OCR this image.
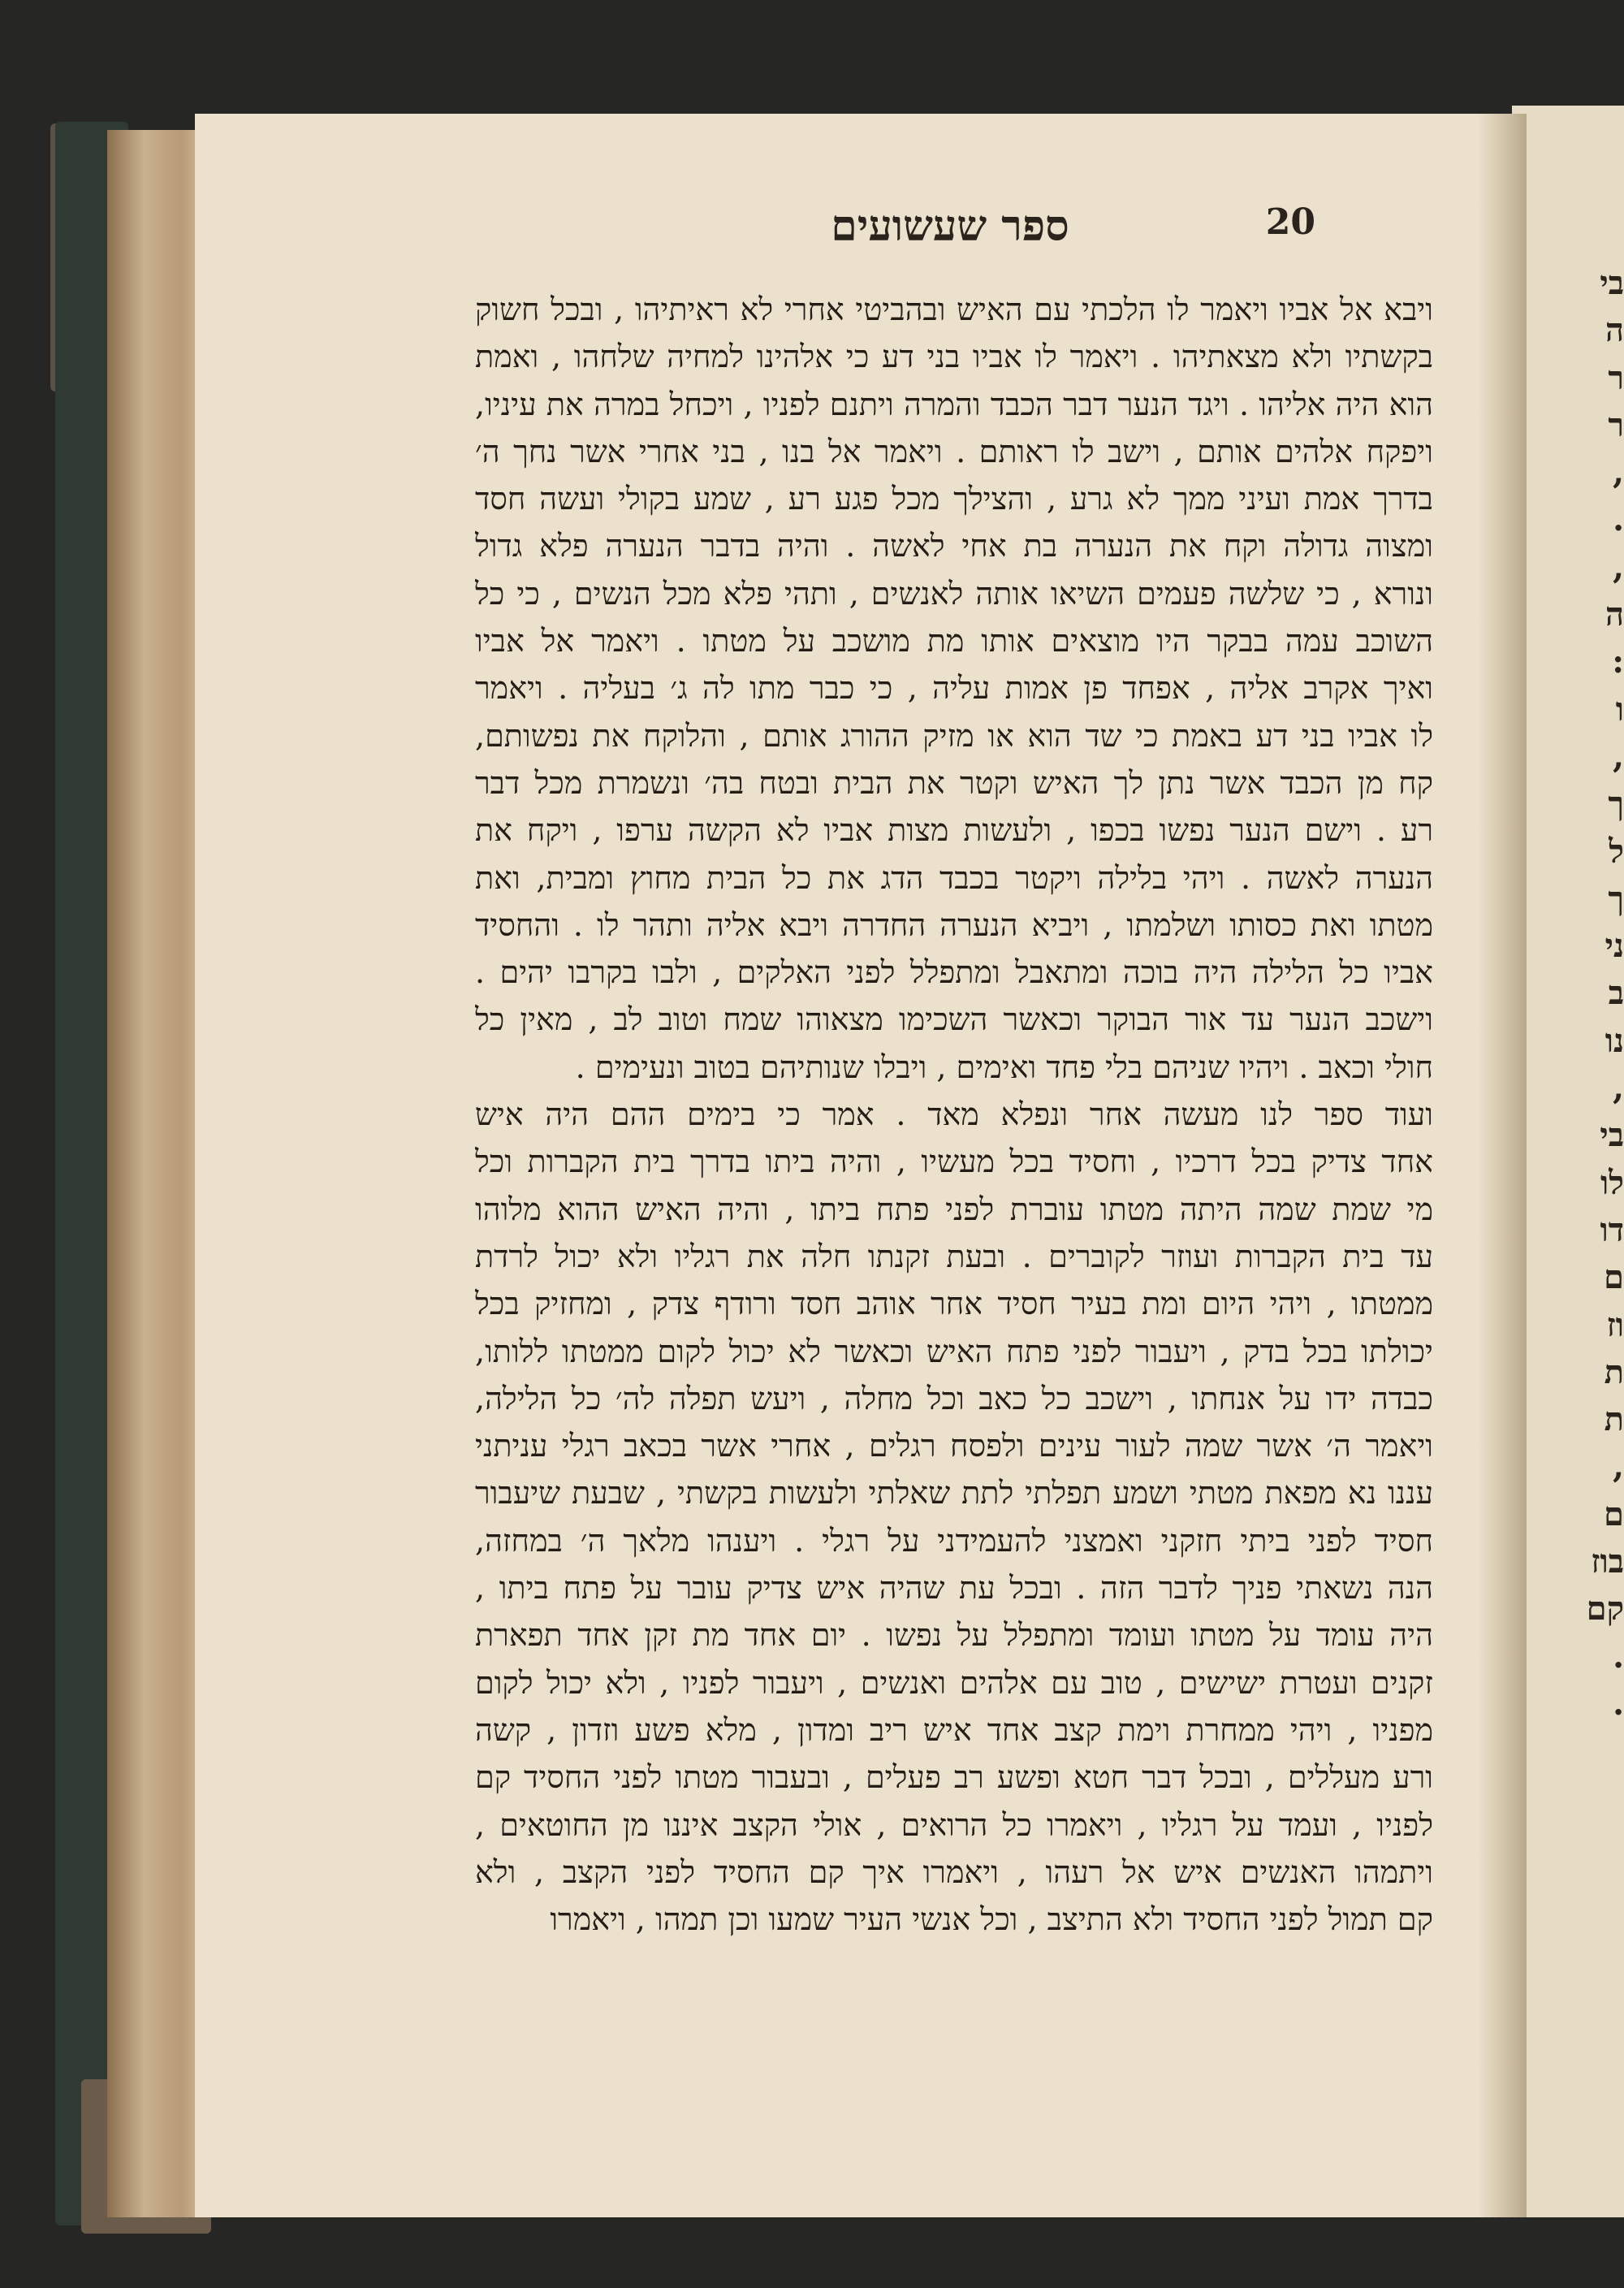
בי
ה
ר
ר
,
.
,
ה
:
ו
,
ך
ל
ך
ני
ב
נו
,
בי
לו
דו
ם
וז
ת
ת
,
ם
בוז
קם
.
.
ספר שעשועים	20
ויבא אל אביו ויאמר לו הלכתי עם האיש ובהביטי אחרי לא ראיתיהו , ובכל חשוק
בקשתיו ולא מצאתיהו . ויאמר לו אביו בני דע כי אלהינו למחיה שלחהו , ואמת
הוא היה אליהו . ויגד הנער דבר הכבד והמרה ויתנם לפניו , ויכחל במרה את עיניו,
ויפקח אלהים אותם , וישב לו ראותם . ויאמר אל בנו , בני אחרי אשר נחך ה׳
בדרך אמת ועיני ממך לא גרע , והצילך מכל פגע רע , שמע בקולי ועשה חסד
ומצוה גדולה וקח את הנערה בת אחי לאשה . והיה בדבר הנערה פלא גדול
ונורא , כי שלשה פעמים השיאו אותה לאנשים , ותהי פלא מכל הנשים , כי כל
השוכב עמה בבקר היו מוצאים אותו מת מושכב על מטתו . ויאמר אל אביו
ואיך אקרב אליה , אפחד פן אמות עליה , כי כבר מתו לה ג׳ בעליה . ויאמר
לו אביו בני דע באמת כי שד הוא או מזיק ההורג אותם , והלוקח את נפשותם,
קח מן הכבד אשר נתן לך האיש וקטר את הבית ובטח בה׳ ונשמרת מכל דבר
רע . וישם הנער נפשו בכפו , ולעשות מצות אביו לא הקשה ערפו , ויקח את
הנערה לאשה . ויהי בלילה ויקטר בכבד הדג את כל הבית מחוץ ומבית, ואת
מטתו ואת כסותו ושלמתו , ויביא הנערה החדרה ויבא אליה ותהר לו . והחסיד
אביו כל הלילה היה בוכה ומתאבל ומתפלל לפני האלקים , ולבו בקרבו יהים .
וישכב הנער עד אור הבוקר וכאשר השכימו מצאוהו שמח וטוב לב , מאין כל
חולי וכאב . ויהיו שניהם בלי פחד ואימים , ויבלו שנותיהם בטוב ונעימים .
ועוד ספר לנו מעשה אחר ונפלא מאד . אמר כי בימים ההם היה איש
אחד צדיק בכל דרכיו , וחסיד בכל מעשיו , והיה ביתו בדרך בית הקברות וכל
מי שמת שמה היתה מטתו עוברת לפני פתח ביתו , והיה האיש ההוא מלוהו
עד בית הקברות ועוזר לקוברים . ובעת זקנתו חלה את רגליו ולא יכול לרדת
ממטתו , ויהי היום ומת בעיר חסיד אחר אוהב חסד ורודף צדק , ומחזיק בכל
יכולתו בכל בדק , ויעבור לפני פתח האיש וכאשר לא יכול לקום ממטתו ללותו,
כבדה ידו על אנחתו , וישכב כל כאב וכל מחלה , ויעש תפלה לה׳ כל הלילה,
ויאמר ה׳ אשר שמה לעור עינים ולפסח רגלים , אחרי אשר בכאב רגלי עניתני
עננו נא מפאת מטתי ושמע תפלתי לתת שאלתי ולעשות בקשתי , שבעת שיעבור
חסיד לפני ביתי חזקני ואמצני להעמידני על רגלי . ויענהו מלאך ה׳ במחזה,
הנה נשאתי פניך לדבר הזה . ובכל עת שהיה איש צדיק עובר על פתח ביתו ,
היה עומד על מטתו ועומד ומתפלל על נפשו . יום אחד מת זקן אחד תפארת
זקנים ועטרת ישישים , טוב עם אלהים ואנשים , ויעבור לפניו , ולא יכול לקום
מפניו , ויהי ממחרת וימת קצב אחד איש ריב ומדון , מלא פשע וזדון , קשה
ורע מעללים , ובכל דבר חטא ופשע רב פעלים , ובעבור מטתו לפני החסיד קם
לפניו , ועמד על רגליו , ויאמרו כל הרואים , אולי הקצב איננו מן החוטאים ,
ויתמהו האנשים איש אל רעהו , ויאמרו איך קם החסיד לפני הקצב , ולא
קם תמול לפני החסיד ולא התיצב , וכל אנשי העיר שמעו וכן תמהו , ויאמרו
